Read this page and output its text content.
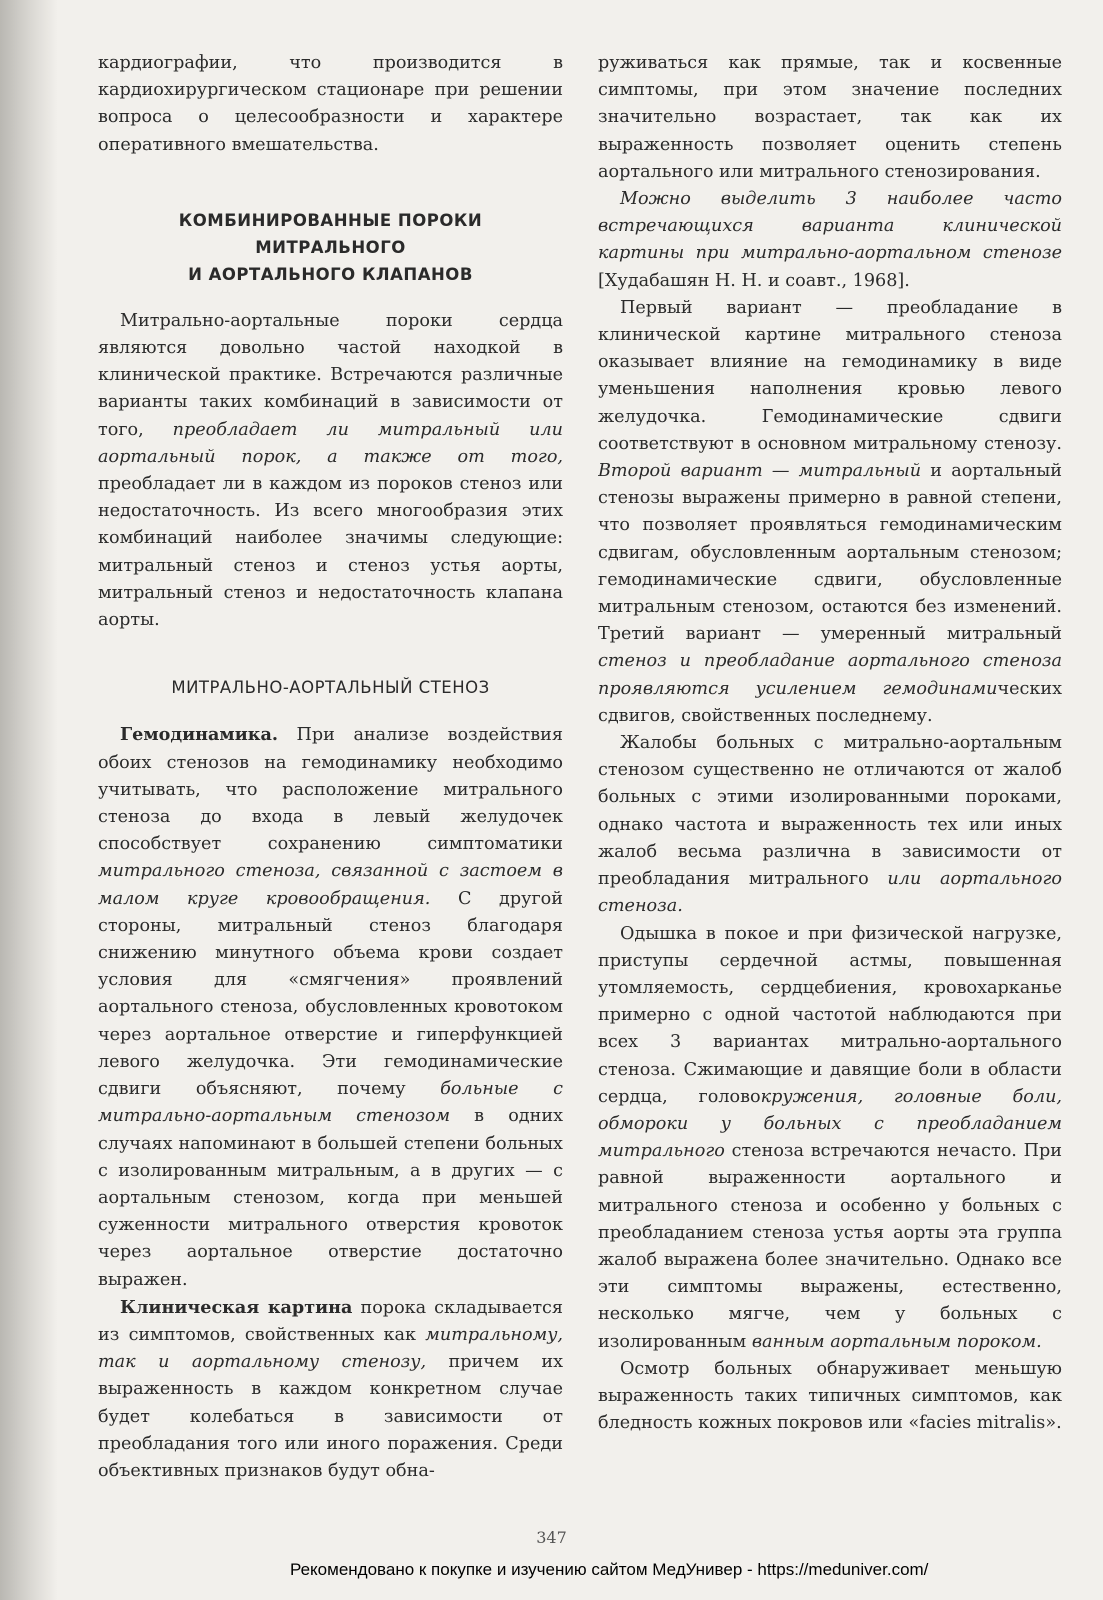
кардиографии, что производится в кардиохирургическом стационаре при решении вопроса о целесообразности и характере оперативного вмешательства.

КОМБИНИРОВАННЫЕ ПОРОКИ
МИТРАЛЬНОГО
И АОРТАЛЬНОГО КЛАПАНОВ

Митрально-аортальные пороки сердца являются довольно частой находкой в клинической практике. Встречаются различные варианты таких комбинаций в зависимости от того, преобладает ли митральный или аортальный порок, а также от того, преобладает ли в каждом из пороков стеноз или недостаточность. Из всего многообразия этих комбинаций наиболее значимы следующие: митральный стеноз и стеноз устья аорты, митральный стеноз и недостаточность клапана аорты.

МИТРАЛЬНО-АОРТАЛЬНЫЙ СТЕНОЗ

Гемодинамика. При анализе воздействия обоих стенозов на гемодинамику необходимо учитывать, что расположение митрального стеноза до входа в левый желудочек способствует сохранению симптоматики митрального стеноза, связанной с застоем в малом круге кровообращения. С другой стороны, митральный стеноз благодаря снижению минутного объема крови создает условия для «смягчения» проявлений аортального стеноза, обусловленных кровотоком через аортальное отверстие и гиперфункцией левого желудочка. Эти гемодинамические сдвиги объясняют, почему больные с митрально-аортальным стенозом в одних случаях напоминают в большей степени больных с изолированным митральным, а в других — с аортальным стенозом, когда при меньшей суженности митрального отверстия кровоток через аортальное отверстие достаточно выражен.

Клиническая картина порока складывается из симптомов, свойственных как митральному, так и аортальному стенозу, причем их выраженность в каждом конкретном случае будет колебаться в зависимости от преобладания того или иного поражения. Среди объективных признаков будут обна-

руживаться как прямые, так и косвенные симптомы, при этом значение последних значительно возрастает, так как их выраженность позволяет оценить степень аортального или митрального стенозирования.

Можно выделить 3 наиболее часто встречающихся варианта клинической картины при митрально-аортальном стенозе [Худабашян Н. Н. и соавт., 1968].

Первый вариант — преобладание в клинической картине митрального стеноза оказывает влияние на гемодинамику в виде уменьшения наполнения кровью левого желудочка. Гемодинамические сдвиги соответствуют в основном митральному стенозу. Второй вариант — митральный и аортальный стенозы выражены примерно в равной степени, что позволяет проявляться гемодинамическим сдвигам, обусловленным аортальным стенозом; гемодинамические сдвиги, обусловленные митральным стенозом, остаются без изменений. Третий вариант — умеренный митральный стеноз и преобладание аортального стеноза проявляются усилением гемодинамических сдвигов, свойственных последнему.

Жалобы больных с митрально-аортальным стенозом существенно не отличаются от жалоб больных с этими изолированными пороками, однако частота и выраженность тех или иных жалоб весьма различна в зависимости от преобладания митрального или аортального стеноза.

Одышка в покое и при физической нагрузке, приступы сердечной астмы, повышенная утомляемость, сердцебиения, кровохарканье примерно с одной частотой наблюдаются при всех 3 вариантах митрально-аортального стеноза. Сжимающие и давящие боли в области сердца, головокружения, головные боли, обмороки у больных с преобладанием митрального стеноза встречаются нечасто. При равной выраженности аортального и митрального стеноза и особенно у больных с преобладанием стеноза устья аорты эта группа жалоб выражена более значительно. Однако все эти симптомы выражены, естественно, несколько мягче, чем у больных с изолированным ванным аортальным пороком.

Осмотр больных обнаруживает меньшую выраженность таких типичных симптомов, как бледность кожных покровов или «facies mitralis».

347
Рекомендовано к покупке и изучению сайтом МедУнивер - https://meduniver.com/
